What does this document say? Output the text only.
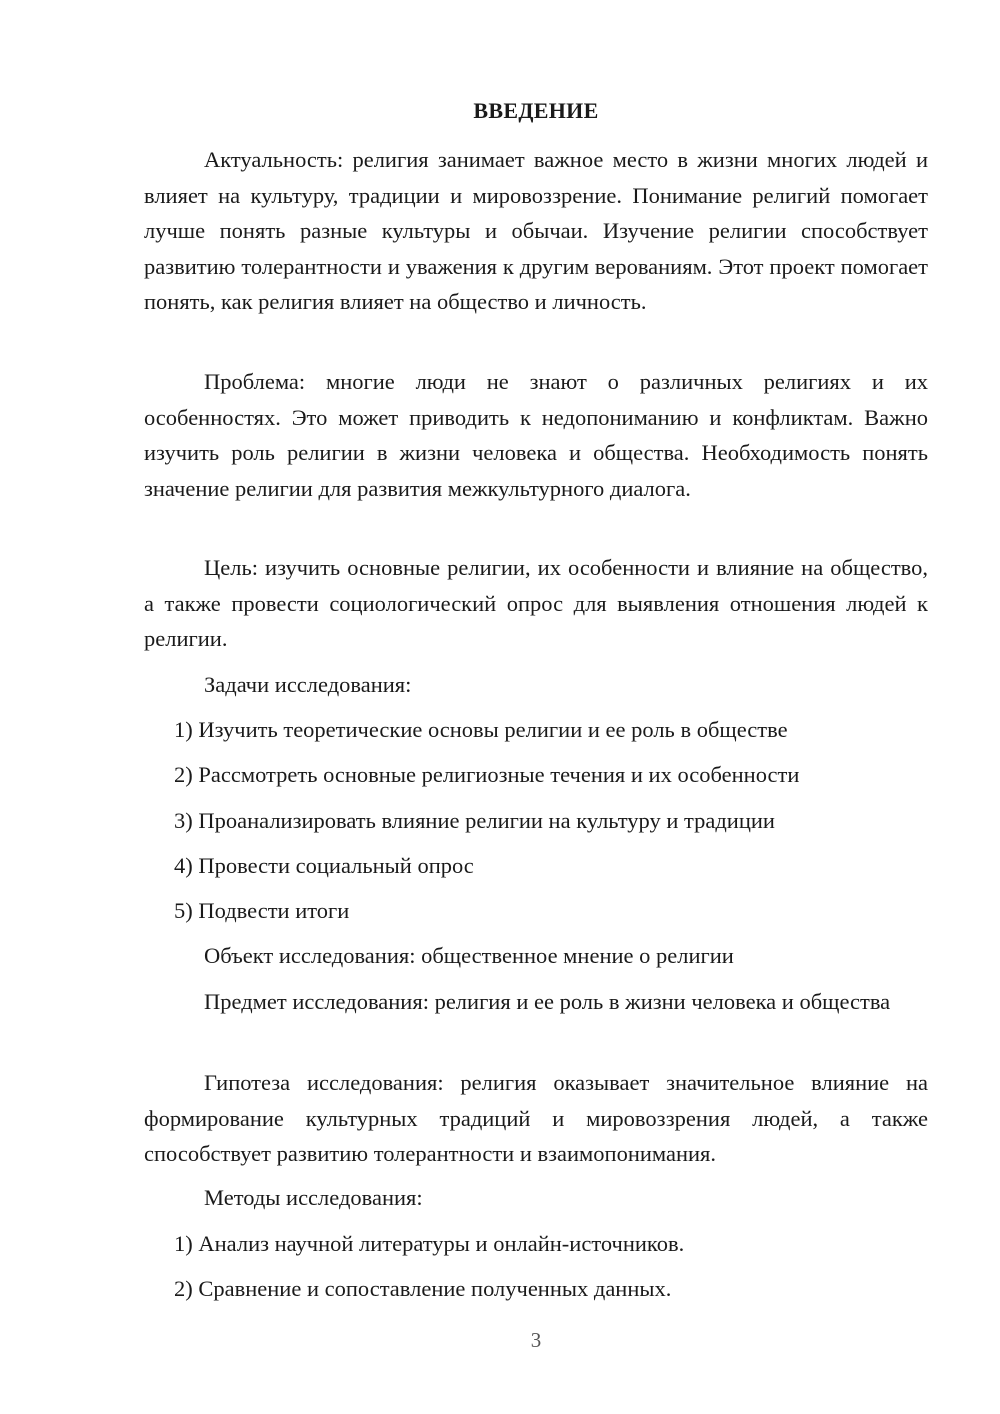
ВВЕДЕНИЕ

Актуальность: религия занимает важное место в жизни многих людей и влияет на культуру, традиции и мировоззрение. Понимание религий помогает лучше понять разные культуры и обычаи. Изучение религии способствует развитию толерантности и уважения к другим верованиям. Этот проект помогает понять, как религия влияет на общество и личность.

Проблема: многие люди не знают о различных религиях и их особенностях. Это может приводить к недопониманию и конфликтам. Важно изучить роль религии в жизни человека и общества. Необходимость понять значение религии для развития межкультурного диалога.

Цель: изучить основные религии, их особенности и влияние на общество, а также провести социологический опрос для выявления отношения людей к религии.

Задачи исследования:

1) Изучить теоретические основы религии и ее роль в обществе

2) Рассмотреть основные религиозные течения и их особенности

3) Проанализировать влияние религии на культуру и традиции

4) Провести социальный опрос

5) Подвести итоги

Объект исследования: общественное мнение о религии

Предмет исследования: религия и ее роль в жизни человека и общества

Гипотеза исследования: религия оказывает значительное влияние на формирование культурных традиций и мировоззрения людей, а также способствует развитию толерантности и взаимопонимания.

Методы исследования:

1) Анализ научной литературы и онлайн-источников.

2) Сравнение и сопоставление полученных данных.

3
